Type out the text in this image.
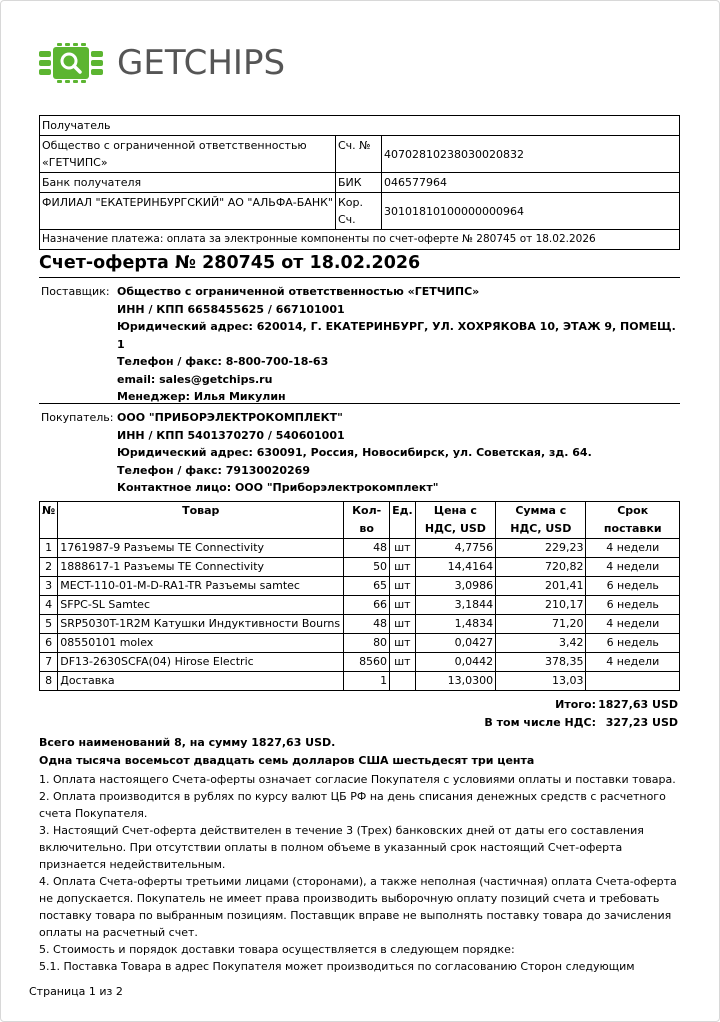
GETCHIPS
Получатель		
Общество с ограниченной ответственностью «ГЕТЧИПС»	Сч. №	40702810238030020832
Банк получателя	БИК	046577964
ФИЛИАЛ "ЕКАТЕРИНБУРГСКИЙ" АО "АЛЬФА-БАНК"	Кор. Сч.	30101810100000000964
Назначение платежа: оплата за электронные компоненты по счет-оферте № 280745 от 18.02.2026		
Счет-оферта № 280745 от 18.02.2026
Поставщик: Общество с ограниченной ответственностью «ГЕТЧИПС»
ИНН / КПП 6658455625 / 667101001
Юридический адрес: 620014, Г. ЕКАТЕРИНБУРГ, УЛ. ХОХРЯКОВА 10, ЭТАЖ 9, ПОМЕЩ. 1
Телефон / факс: 8-800-700-18-63
email: sales@getchips.ru
Менеджер: Илья Микулин
Покупатель: ООО "ПРИБОРЭЛЕКТРОКОМПЛЕКТ"
ИНН / КПП 5401370270 / 540601001
Юридический адрес: 630091, Россия, Новосибирск, ул. Советская, зд. 64.
Телефон / факс: 79130020269
Контактное лицо: ООО "Приборэлектрокомплект"
№	Товар	Кол-во	Ед.	Цена с НДС, USD	Сумма с НДС, USD	Срок поставки
1	1761987-9 Разъемы TE Connectivity	48	шт	4,7756	229,23	4 недели
2	1888617-1 Разъемы TE Connectivity	50	шт	14,4164	720,82	4 недели
3	MECT-110-01-M-D-RA1-TR Разъемы samtec	65	шт	3,0986	201,41	6 недель
4	SFPC-SL Samtec	66	шт	3,1844	210,17	6 недель
5	SRP5030T-1R2M Катушки Индуктивности Bourns	48	шт	1,4834	71,20	4 недели
6	08550101 molex	80	шт	0,0427	3,42	6 недель
7	DF13-2630SCFA(04) Hirose Electric	8560	шт	0,0442	378,35	4 недели
8	Доставка	1		13,0300	13,03	
Итого: 1827,63 USD
В том числе НДС: 327,23 USD
Всего наименований 8, на сумму 1827,63 USD.
Одна тысяча восемьсот двадцать семь долларов США шестьдесят три цента

1. Оплата настоящего Счета-оферты означает согласие Покупателя с условиями оплаты и поставки товара.

2. Оплата производится в рублях по курсу валют ЦБ РФ на день списания денежных средств с расчетного счета Покупателя.

3. Настоящий Счет-оферта действителен в течение 3 (Трех) банковских дней от даты его составления включительно. При отсутствии оплаты в полном объеме в указанный срок настоящий Счет-оферта признается недействительным.

4. Оплата Счета-оферты третьими лицами (сторонами), а также неполная (частичная) оплата Счета-оферта не допускается. Покупатель не имеет права производить выборочную оплату позиций счета и требовать поставку товара по выбранным позициям. Поставщик вправе не выполнять поставку товара до зачисления оплаты на расчетный счет.

5. Стоимость и порядок доставки товара осуществляется в следующем порядке:

5.1. Поставка Товара в адрес Покупателя может производиться по согласованию Сторон следующим

Страница 1 из 2
